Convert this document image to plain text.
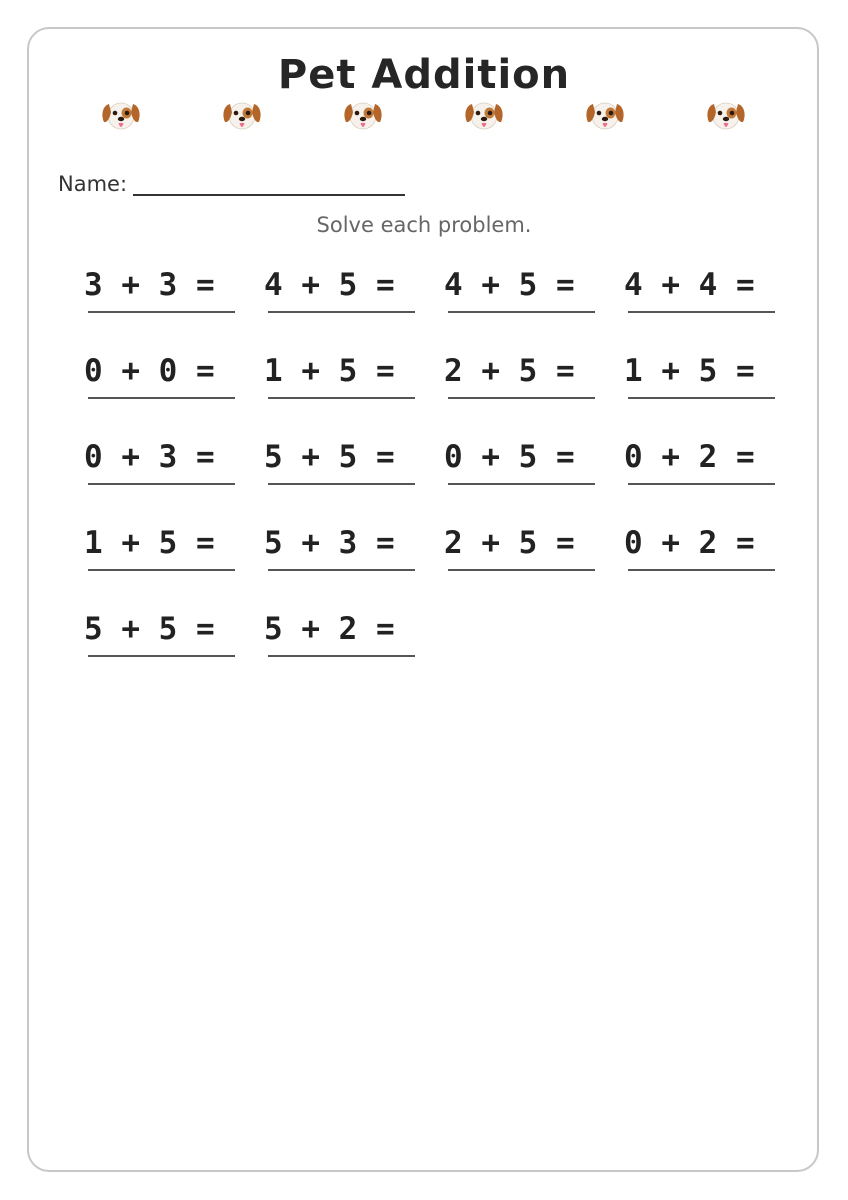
Pet Addition
Name:
Solve each problem.
3 + 3 = 4 + 5 = 4 + 5 = 4 + 4 =
0 + 0 = 1 + 5 = 2 + 5 = 1 + 5 =
0 + 3 = 5 + 5 = 0 + 5 = 0 + 2 =
1 + 5 = 5 + 3 = 2 + 5 = 0 + 2 =
5 + 5 = 5 + 2 =
